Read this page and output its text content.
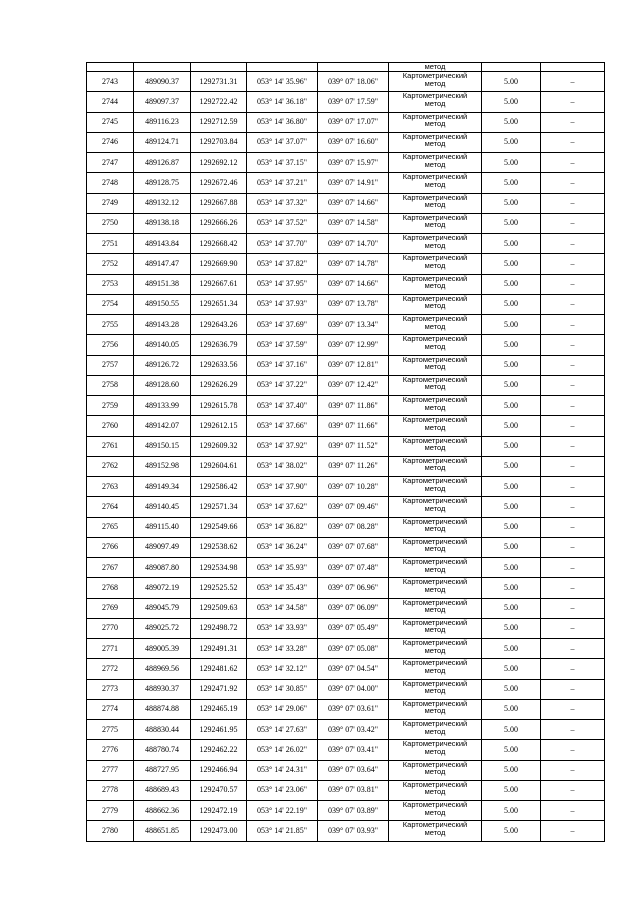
					метод		

2743	489090.37	1292731.31	053° 14' 35.96"	039° 07' 18.06"	Картометрический
метод	5.00	–
2744	489097.37	1292722.42	053° 14' 36.18"	039° 07' 17.59"	Картометрический
метод	5.00	–
2745	489116.23	1292712.59	053° 14' 36.80"	039° 07' 17.07"	Картометрический
метод	5.00	–
2746	489124.71	1292703.84	053° 14' 37.07"	039° 07' 16.60"	Картометрический
метод	5.00	–
2747	489126.87	1292692.12	053° 14' 37.15"	039° 07' 15.97"	Картометрический
метод	5.00	–
2748	489128.75	1292672.46	053° 14' 37.21"	039° 07' 14.91"	Картометрический
метод	5.00	–
2749	489132.12	1292667.88	053° 14' 37.32"	039° 07' 14.66"	Картометрический
метод	5.00	–
2750	489138.18	1292666.26	053° 14' 37.52"	039° 07' 14.58"	Картометрический
метод	5.00	–
2751	489143.84	1292668.42	053° 14' 37.70"	039° 07' 14.70"	Картометрический
метод	5.00	–
2752	489147.47	1292669.90	053° 14' 37.82"	039° 07' 14.78"	Картометрический
метод	5.00	–
2753	489151.38	1292667.61	053° 14' 37.95"	039° 07' 14.66"	Картометрический
метод	5.00	–
2754	489150.55	1292651.34	053° 14' 37.93"	039° 07' 13.78"	Картометрический
метод	5.00	–
2755	489143.28	1292643.26	053° 14' 37.69"	039° 07' 13.34"	Картометрический
метод	5.00	–
2756	489140.05	1292636.79	053° 14' 37.59"	039° 07' 12.99"	Картометрический
метод	5.00	–
2757	489126.72	1292633.56	053° 14' 37.16"	039° 07' 12.81"	Картометрический
метод	5.00	–
2758	489128.60	1292626.29	053° 14' 37.22"	039° 07' 12.42"	Картометрический
метод	5.00	–
2759	489133.99	1292615.78	053° 14' 37.40"	039° 07' 11.86"	Картометрический
метод	5.00	–
2760	489142.07	1292612.15	053° 14' 37.66"	039° 07' 11.66"	Картометрический
метод	5.00	–
2761	489150.15	1292609.32	053° 14' 37.92"	039° 07' 11.52"	Картометрический
метод	5.00	–
2762	489152.98	1292604.61	053° 14' 38.02"	039° 07' 11.26"	Картометрический
метод	5.00	–
2763	489149.34	1292586.42	053° 14' 37.90"	039° 07' 10.28"	Картометрический
метод	5.00	–
2764	489140.45	1292571.34	053° 14' 37.62"	039° 07' 09.46"	Картометрический
метод	5.00	–
2765	489115.40	1292549.66	053° 14' 36.82"	039° 07' 08.28"	Картометрический
метод	5.00	–
2766	489097.49	1292538.62	053° 14' 36.24"	039° 07' 07.68"	Картометрический
метод	5.00	–
2767	489087.80	1292534.98	053° 14' 35.93"	039° 07' 07.48"	Картометрический
метод	5.00	–
2768	489072.19	1292525.52	053° 14' 35.43"	039° 07' 06.96"	Картометрический
метод	5.00	–
2769	489045.79	1292509.63	053° 14' 34.58"	039° 07' 06.09"	Картометрический
метод	5.00	–
2770	489025.72	1292498.72	053° 14' 33.93"	039° 07' 05.49"	Картометрический
метод	5.00	–
2771	489005.39	1292491.31	053° 14' 33.28"	039° 07' 05.08"	Картометрический
метод	5.00	–
2772	488969.56	1292481.62	053° 14' 32.12"	039° 07' 04.54"	Картометрический
метод	5.00	–
2773	488930.37	1292471.92	053° 14' 30.85"	039° 07' 04.00"	Картометрический
метод	5.00	–
2774	488874.88	1292465.19	053° 14' 29.06"	039° 07' 03.61"	Картометрический
метод	5.00	–
2775	488830.44	1292461.95	053° 14' 27.63"	039° 07' 03.42"	Картометрический
метод	5.00	–
2776	488780.74	1292462.22	053° 14' 26.02"	039° 07' 03.41"	Картометрический
метод	5.00	–
2777	488727.95	1292466.94	053° 14' 24.31"	039° 07' 03.64"	Картометрический
метод	5.00	–
2778	488689.43	1292470.57	053° 14' 23.06"	039° 07' 03.81"	Картометрический
метод	5.00	–
2779	488662.36	1292472.19	053° 14' 22.19"	039° 07' 03.89"	Картометрический
метод	5.00	–
2780	488651.85	1292473.00	053° 14' 21.85"	039° 07' 03.93"	Картометрический
метод	5.00	–
